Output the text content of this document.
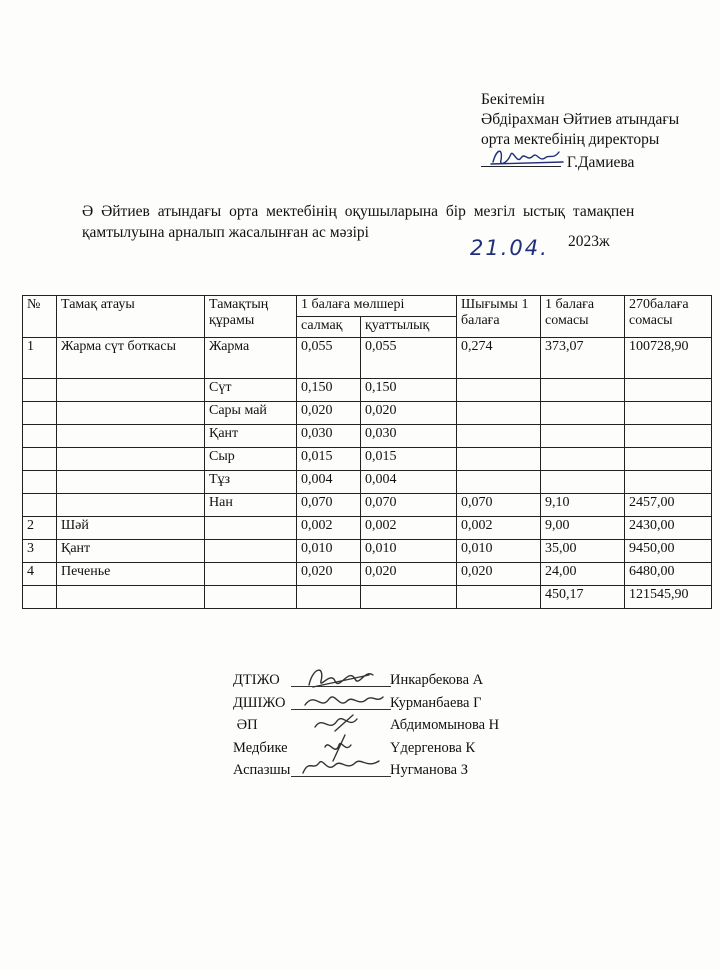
Бекітемін
Әбдірахман Әйтиев атындағы
орта мектебінің директоры
Г.Дамиева
Ә Әйтиев атындағы орта мектебінің оқушыларына бір мезгіл ыстық тамақпен
қамтылуына арналып жасалынған ас мәзірі
21.04. 2023ж
№	Тамақ атауы	Тамақтың құрамы	1 балаға мөлшері		Шығымы 1 балаға	1 балаға сомасы	270балаға сомасы
			салмақ	қуаттылық			
1	Жарма сүт боткасы	Жарма	0,055	0,055	0,274	373,07	100728,90
		Сүт	0,150	0,150			
		Сары май	0,020	0,020			
		Қант	0,030	0,030			
		Сыр	0,015	0,015			
		Тұз	0,004	0,004			
		Нан	0,070	0,070	0,070	9,10	2457,00
2	Шәй		0,002	0,002	0,002	9,00	2430,00
3	Қант		0,010	0,010	0,010	35,00	9450,00
4	Печенье		0,020	0,020	0,020	24,00	6480,00
						450,17	121545,90
ДТІЖО	Инкарбекова А
ДШІЖО	Курманбаева Г
ӘП	Абдимомынова Н
Медбике	Үдергенова К
Аспазшы	Нугманова З
